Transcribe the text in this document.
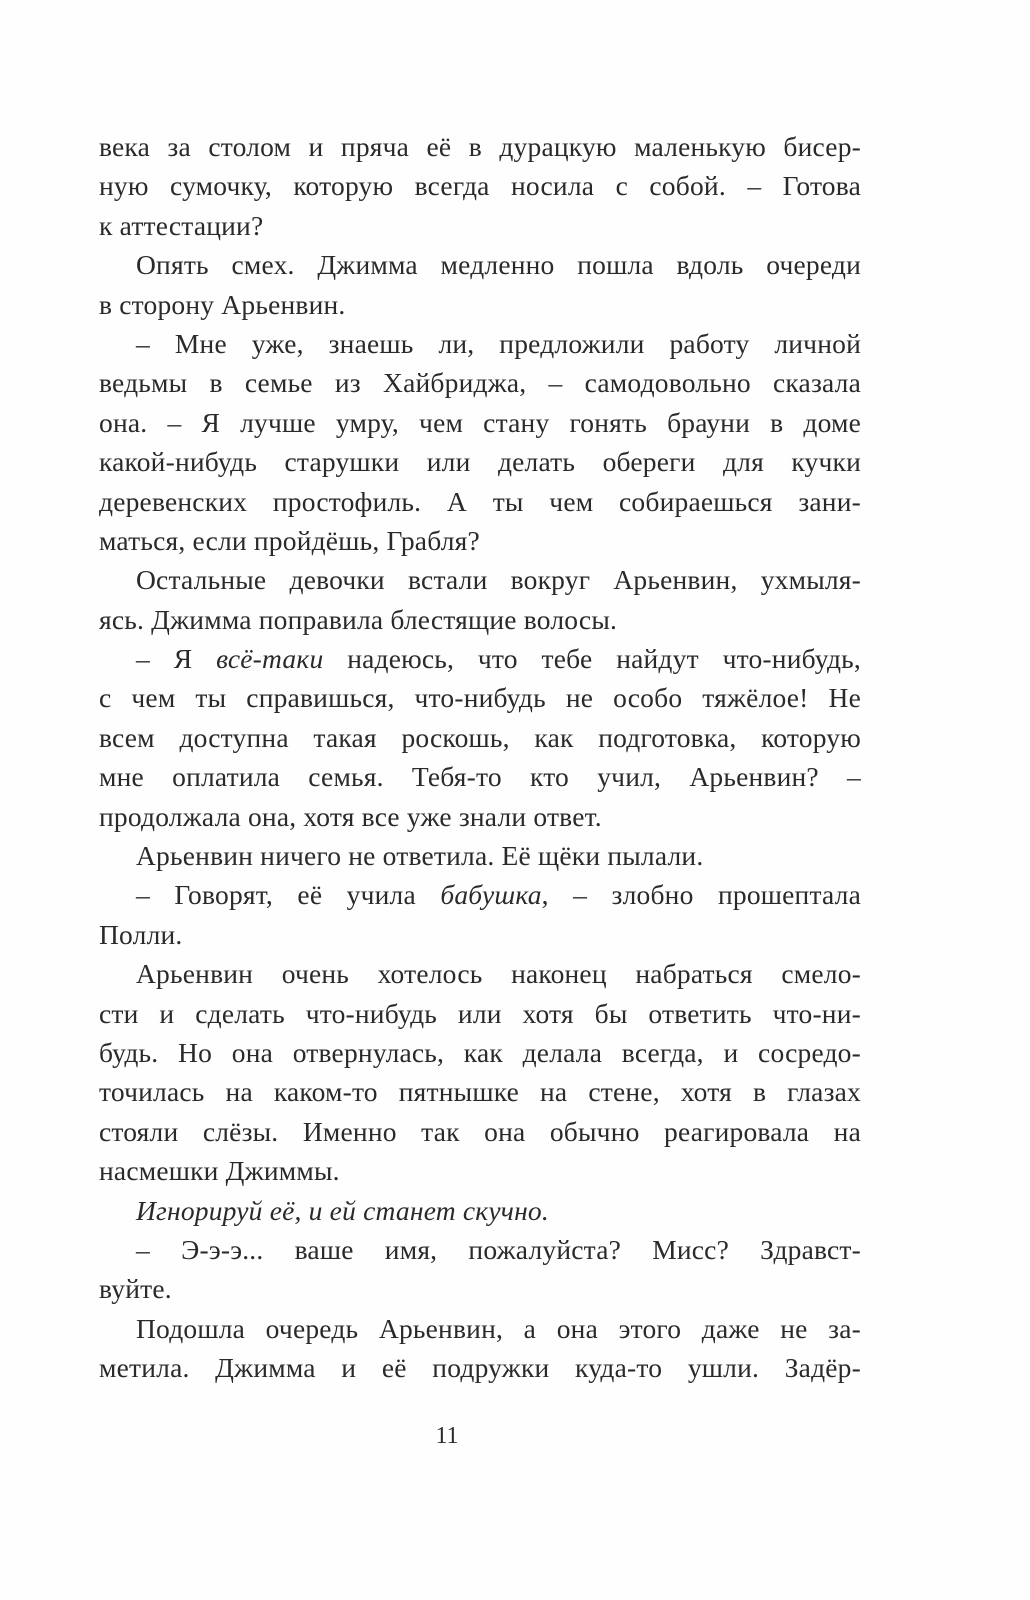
века за столом и пряча её в дурацкую маленькую бисер-
ную сумочку, которую всегда носила с собой. – Готова
к аттестации?
Опять смех. Джимма медленно пошла вдоль очереди
в сторону Арьенвин.
– Мне уже, знаешь ли, предложили работу личной
ведьмы в семье из Хайбриджа, – самодовольно сказала
она. – Я лучше умру, чем стану гонять брауни в доме
какой-нибудь старушки или делать обереги для кучки
деревенских простофиль. А ты чем собираешься зани-
маться, если пройдёшь, Грабля?
Остальные девочки встали вокруг Арьенвин, ухмыля-
ясь. Джимма поправила блестящие волосы.
– Я всё-таки надеюсь, что тебе найдут что-нибудь,
с чем ты справишься, что-нибудь не особо тяжёлое! Не
всем доступна такая роскошь, как подготовка, которую
мне оплатила семья. Тебя-то кто учил, Арьенвин? –
продолжала она, хотя все уже знали ответ.
Арьенвин ничего не ответила. Её щёки пылали.
– Говорят, её учила бабушка, – злобно прошептала
Полли.
Арьенвин очень хотелось наконец набраться смело-
сти и сделать что-нибудь или хотя бы ответить что-ни-
будь. Но она отвернулась, как делала всегда, и сосредо-
точилась на каком-то пятнышке на стене, хотя в глазах
стояли слёзы. Именно так она обычно реагировала на
насмешки Джиммы.
Игнорируй её, и ей станет скучно.
– Э-э-э... ваше имя, пожалуйста? Мисс? Здравст-
вуйте.
Подошла очередь Арьенвин, а она этого даже не за-
метила. Джимма и её подружки куда-то ушли. Задёр-
11
